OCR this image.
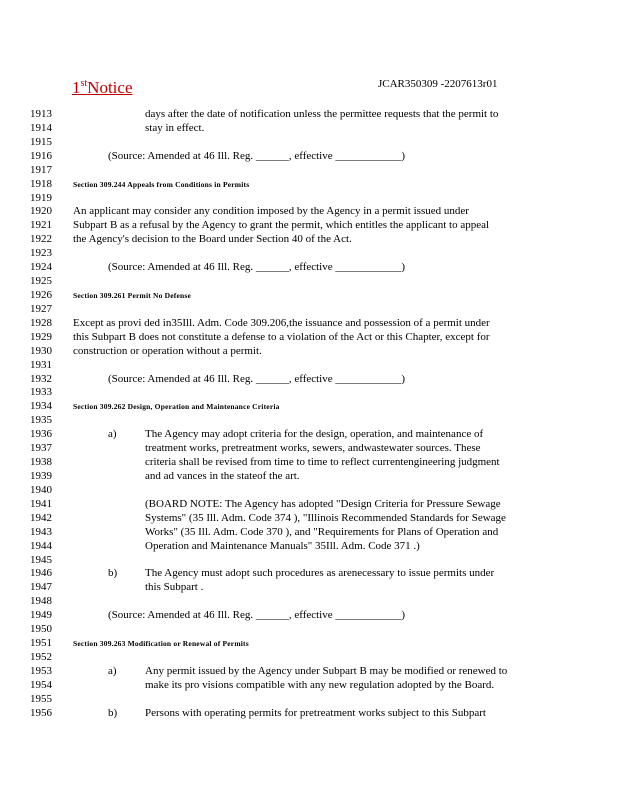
1stNotice	JCAR350309 -2207613r01
1913	days after the date of notification unless the permittee requests that the permit to
1914	stay in effect.
1915
1916	(Source: Amended at 46 Ill. Reg. ______, effective ____________)
1917
1918	Section 309.244 Appeals from Conditions in Permits
1919
1920 An applicant may consider any condition imposed by the Agency in a permit issued under
1921 Subpart B as a refusal by the Agency to grant the permit, which entitles the applicant to appeal
1922 the Agency's decision to the Board under Section 40 of the Act.
1923
1924	(Source: Amended at 46 Ill. Reg. ______, effective ____________)
1925
1926	Section 309.261 Permit No Defense
1927
1928 Except as provi ded in35Ill. Adm. Code 309.206,the issuance and possession of a permit under
1929 this Subpart B does not constitute a defense to a violation of the Act or this Chapter, except for
1930 construction or operation without a permit.
1931
1932	(Source: Amended at 46 Ill. Reg. ______, effective ____________)
1933
1934	Section 309.262 Design, Operation and Maintenance Criteria
1935
1936	a)	The Agency may adopt criteria for the design, operation, and maintenance of
1937	treatment works, pretreatment works, sewers, andwastewater sources. These
1938	criteria shall be revised from time to time to reflect currentengineering judgment
1939	and ad vances in the stateof the art.
1940
1941	(BOARD NOTE: The Agency has adopted "Design Criteria for Pressure Sewage
1942	Systems" (35 Ill. Adm. Code 374 ), "Illinois Recommended Standards for Sewage
1943	Works" (35 Ill. Adm. Code 370 ), and "Requirements for Plans of Operation and
1944	Operation and Maintenance Manuals" 35Ill. Adm. Code 371 .)
1945
1946	b)	The Agency must adopt such procedures as arenecessary to issue permits under
1947	this Subpart .
1948
1949	(Source: Amended at 46 Ill. Reg. ______, effective ____________)
1950
1951	Section 309.263 Modification or Renewal of Permits
1952
1953	a)	Any permit issued by the Agency under Subpart B may be modified or renewed to
1954	make its pro visions compatible with any new regulation adopted by the Board.
1955
1956	b)	Persons with operating permits for pretreatment works subject to this Subpart
